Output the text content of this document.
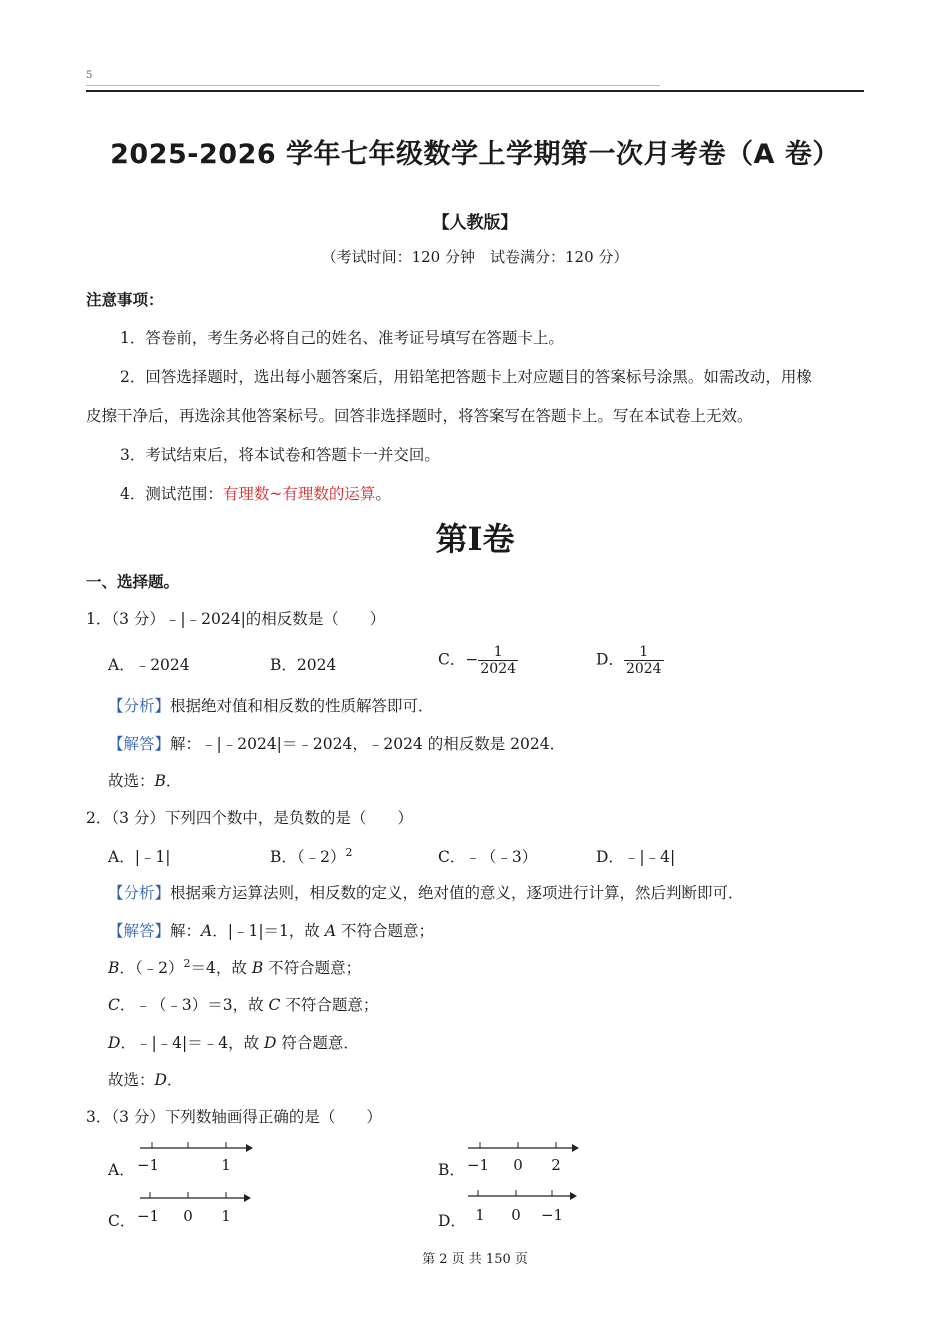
5
2025-2026 学年七年级数学上学期第一次月考卷（A 卷）
【人教版】
（考试时间：120 分钟　试卷满分：120 分）
注意事项：
1．答卷前，考生务必将自己的姓名、准考证号填写在答题卡上。
2．回答选择题时，选出每小题答案后，用铅笔把答题卡上对应题目的答案标号涂黑。如需改动，用橡
皮擦干净后，再选涂其他答案标号。回答非选择题时，将答案写在答题卡上。写在本试卷上无效。
3．考试结束后，将本试卷和答题卡一并交回。
4．测试范围：有理数~有理数的运算。
第Ⅰ卷
一、选择题。
1．（3 分）﹣|﹣2024|的相反数是（　　）
A．﹣2024	B．2024	C．− $\frac{1}{2024}$	D． $\frac{1}{2024}$
【分析】根据绝对值和相反数的性质解答即可．
【解答】解：﹣|﹣2024|＝﹣2024，﹣2024 的相反数是 2024．
故选：B．
2．（3 分）下列四个数中，是负数的是（　　）
A．|﹣1|	B．（﹣2）$^2$	C．﹣（﹣3）	D．﹣|﹣4|
【分析】根据乘方运算法则，相反数的定义，绝对值的意义，逐项进行计算，然后判断即可．
【解答】解：A．|﹣1|＝1，故 A 不符合题意；
B．（﹣2）$^2$＝4，故 B 不符合题意；
C．﹣（﹣3）＝3，故 C 不符合题意；
D．﹣|﹣4|＝﹣4，故 D 符合题意．
故选：D．
3．（3 分）下列数轴画得正确的是（　　）
A． −1	1	B． −1 0 2
C． −1 0 1	D． 1 0 −1
第 2 页 共 150 页
